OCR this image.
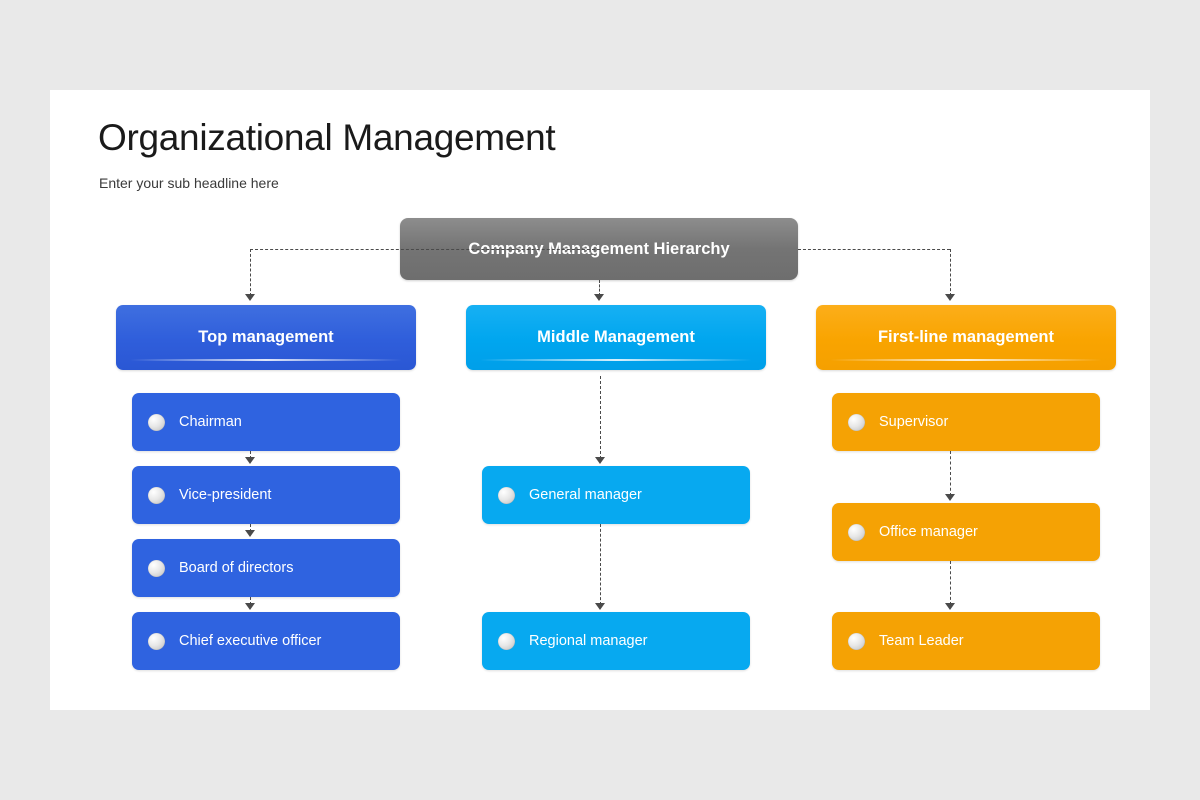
Organizational Management
Enter your sub headline here
Company Management Hierarchy
Top management
Chairman
Vice-president
Board of directors
Chief executive officer
Middle Management
General manager
Regional manager
First-line management
Supervisor
Office manager
Team Leader
